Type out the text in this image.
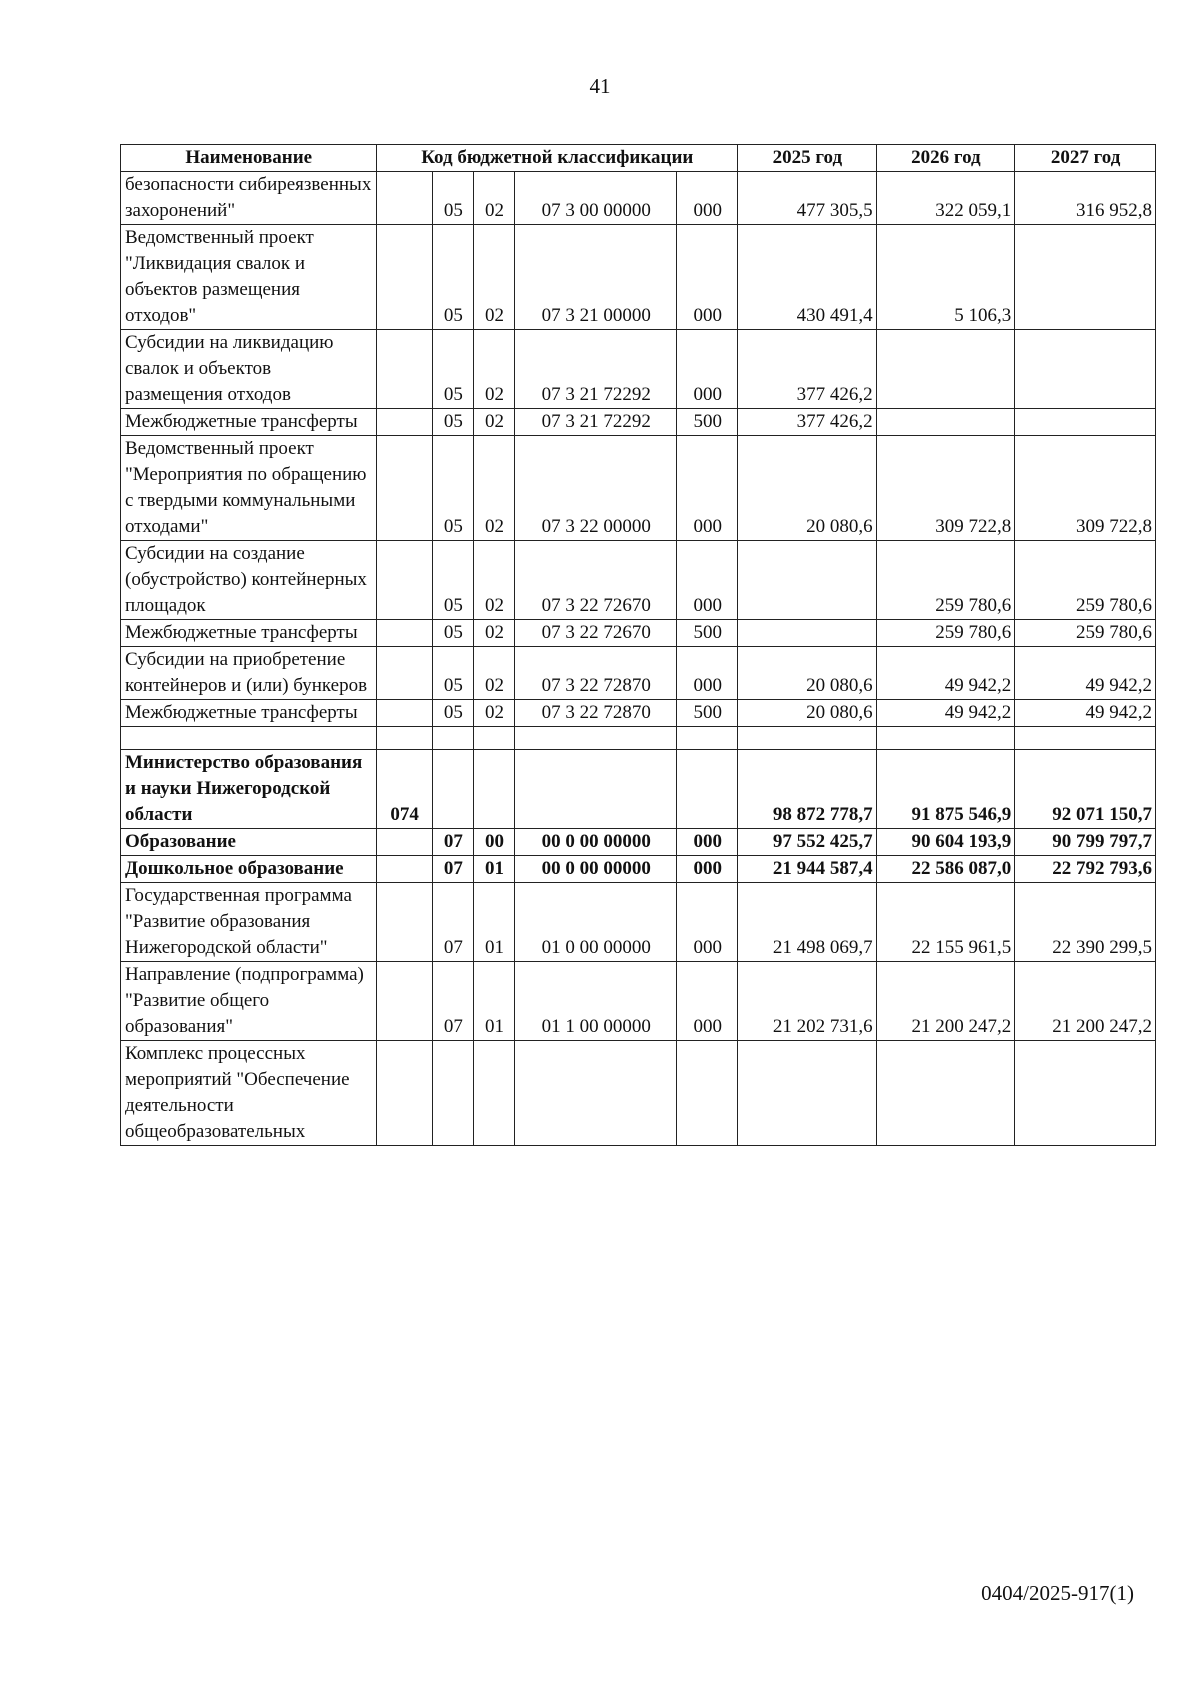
41
Наименование	Код бюджетной классификации					2025 год	2026 год	2027 год
безопасности сибиреязвенных захоронений"		05	02	07 3 00 00000	000	477 305,5	322 059,1	316 952,8
Ведомственный проект "Ликвидация свалок и объектов размещения отходов"		05	02	07 3 21 00000	000	430 491,4	5 106,3	
Субсидии на ликвидацию свалок и объектов размещения отходов		05	02	07 3 21 72292	000	377 426,2		
Межбюджетные трансферты		05	02	07 3 21 72292	500	377 426,2		
Ведомственный проект "Мероприятия по обращению с твердыми коммунальными отходами"		05	02	07 3 22 00000	000	20 080,6	309 722,8	309 722,8
Субсидии на создание (обустройство) контейнерных площадок		05	02	07 3 22 72670	000		259 780,6	259 780,6
Межбюджетные трансферты		05	02	07 3 22 72670	500		259 780,6	259 780,6
Субсидии на приобретение контейнеров и (или) бункеров		05	02	07 3 22 72870	000	20 080,6	49 942,2	49 942,2
Межбюджетные трансферты		05	02	07 3 22 72870	500	20 080,6	49 942,2	49 942,2

Министерство образования и науки Нижегородской области	074					98 872 778,7	91 875 546,9	92 071 150,7
Образование		07	00	00 0 00 00000	000	97 552 425,7	90 604 193,9	90 799 797,7
Дошкольное образование		07	01	00 0 00 00000	000	21 944 587,4	22 586 087,0	22 792 793,6
Государственная программа "Развитие образования Нижегородской области"		07	01	01 0 00 00000	000	21 498 069,7	22 155 961,5	22 390 299,5
Направление (подпрограмма) "Развитие общего образования"		07	01	01 1 00 00000	000	21 202 731,6	21 200 247,2	21 200 247,2
Комплекс процессных мероприятий "Обеспечение деятельности общеобразовательных								
0404/2025-917(1)
